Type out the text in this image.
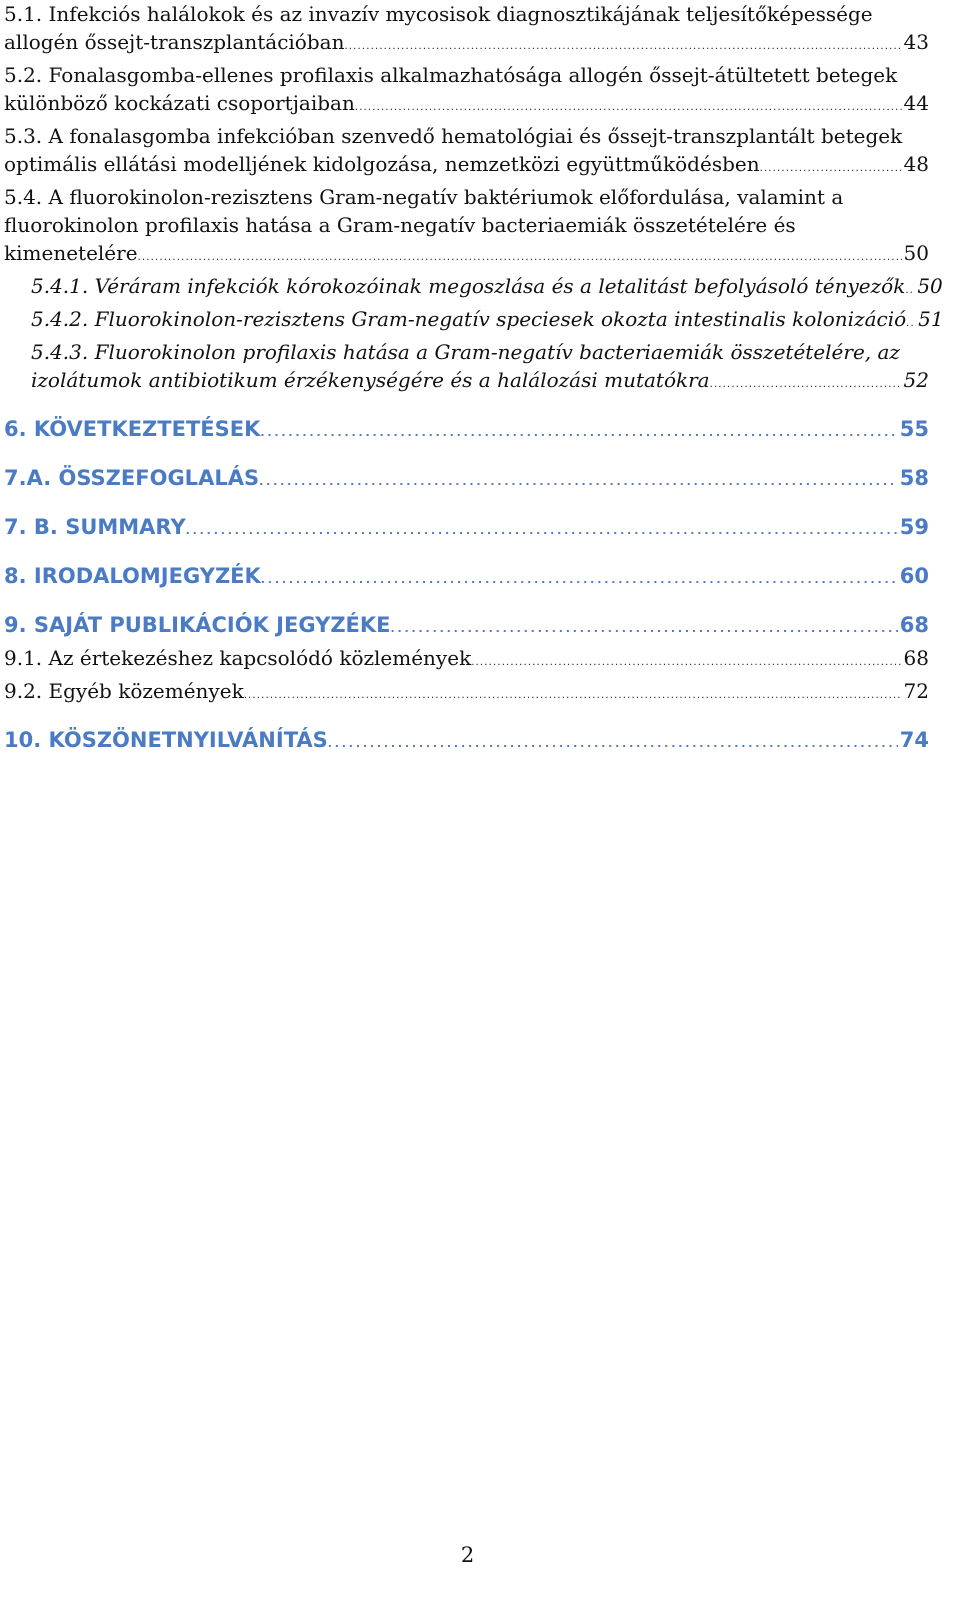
5.1. Infekciós halálokok és az invazív mycosisok diagnosztikájának teljesítőképessége
allogén őssejt-transzplantációban . . .	43
5.2. Fonalasgomba-ellenes profilaxis alkalmazhatósága allogén őssejt-átültetett betegek
különböző kockázati csoportjaiban . . .	44
5.3. A fonalasgomba infekcióban szenvedő hematológiai és őssejt-transzplantált betegek
optimális ellátási modelljének kidolgozása, nemzetközi együttműködésben . . .	48
5.4. A fluorokinolon-rezisztens Gram-negatív baktériumok előfordulása, valamint a
fluorokinolon profilaxis hatása a Gram-negatív bacteriaemiák összetételére és
kimenetelére . . .	50
5.4.1. Véráram infekciók kórokozóinak megoszlása és a letalitást befolyásoló tényezők . . . 50
5.4.2. Fluorokinolon-rezisztens Gram-negatív speciesek okozta intestinalis kolonizáció . . . 51
5.4.3. Fluorokinolon profilaxis hatása a Gram-negatív bacteriaemiák összetételére, az
izolátumok antibiotikum érzékenységére és a halálozási mutatókra . . .	52
6. KÖVETKEZTETÉSEK . . .	55
7.A. ÖSSZEFOGLALÁS . . .	58
7. B. SUMMARY . . .	59
8. IRODALOMJEGYZÉK . . .	60
9. SAJÁT PUBLIKÁCIÓK JEGYZÉKE . . .	68
9.1. Az értekezéshez kapcsolódó közlemények . . .	68
9.2. Egyéb közemények . . .	72
10. KÖSZÖNETNYILVÁNÍTÁS . . .	74
2
